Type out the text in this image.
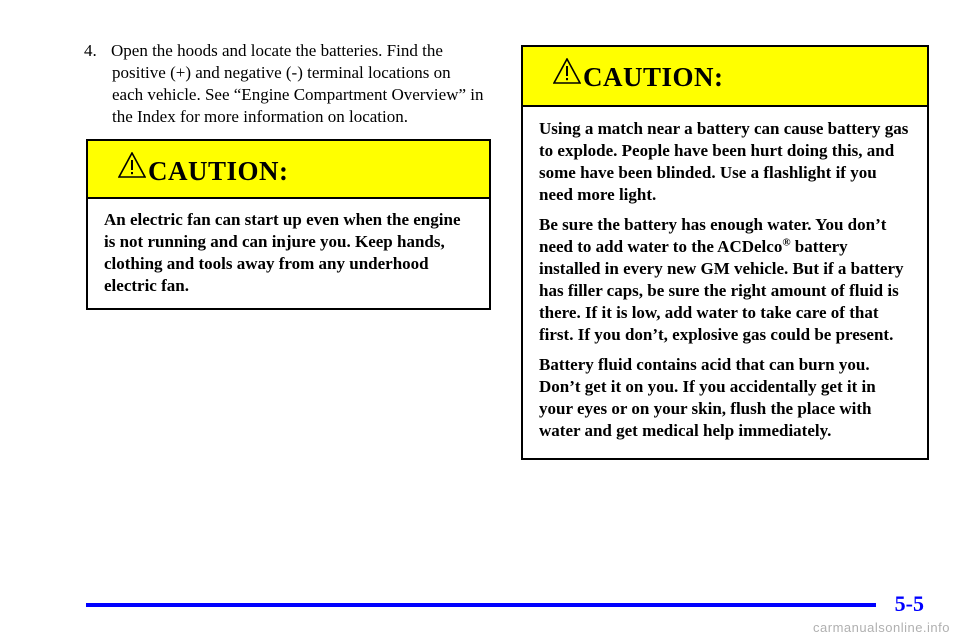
4. Open the hoods and locate the batteries. Find the positive (+) and negative (-) terminal locations on each vehicle. See “Engine Compartment Overview” in the Index for more information on location.
CAUTION:

An electric fan can start up even when the engine is not running and can injure you. Keep hands, clothing and tools away from any underhood electric fan.

CAUTION:

Using a match near a battery can cause battery gas to explode. People have been hurt doing this, and some have been blinded. Use a flashlight if you need more light.

Be sure the battery has enough water. You don’t need to add water to the ACDelco® battery installed in every new GM vehicle. But if a battery has filler caps, be sure the right amount of fluid is there. If it is low, add water to take care of that first. If you don’t, explosive gas could be present.

Battery fluid contains acid that can burn you. Don’t get it on you. If you accidentally get it in your eyes or on your skin, flush the place with water and get medical help immediately.

5-5
carmanualsonline.info
